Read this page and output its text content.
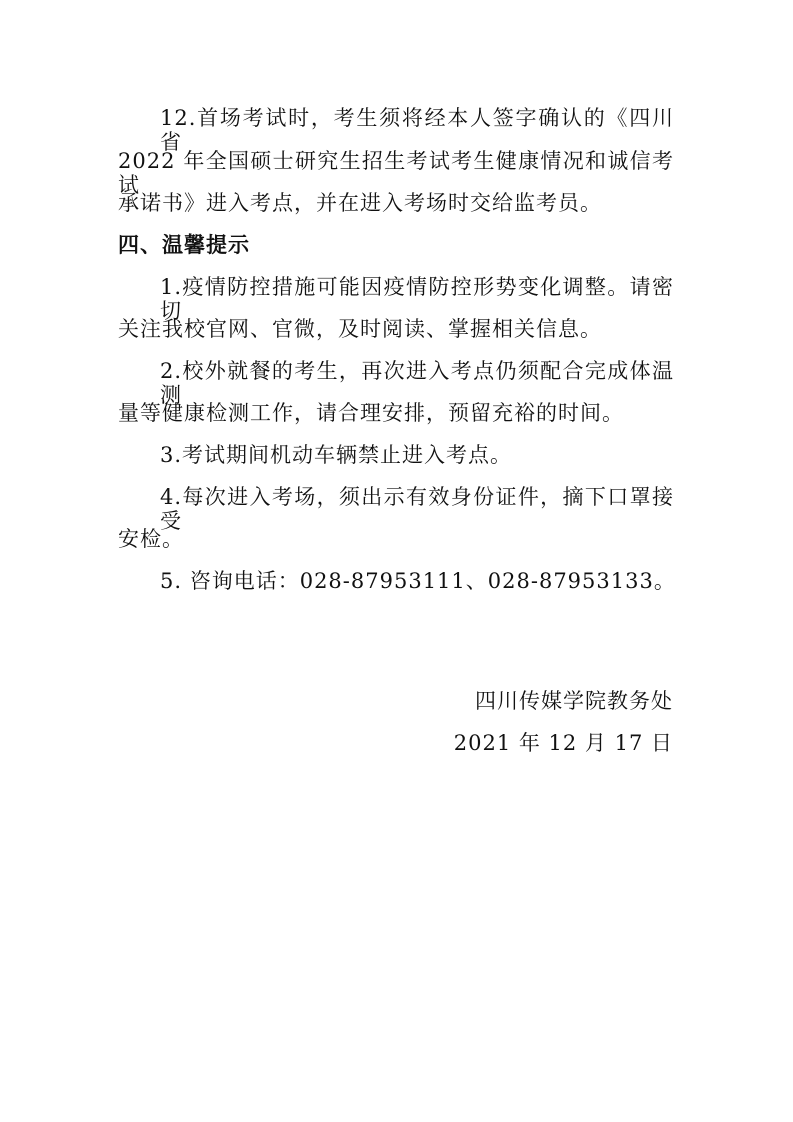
12.首场考试时，考生须将经本人签字确认的《四川省
2022 年全国硕士研究生招生考试考生健康情况和诚信考试
承诺书》进入考点，并在进入考场时交给监考员。
四、温馨提示
1.疫情防控措施可能因疫情防控形势变化调整。请密切
关注我校官网、官微，及时阅读、掌握相关信息。
2.校外就餐的考生，再次进入考点仍须配合完成体温测
量等健康检测工作，请合理安排，预留充裕的时间。
3.考试期间机动车辆禁止进入考点。
4.每次进入考场，须出示有效身份证件，摘下口罩接受
安检。
5. 咨询电话：028-87953111、028-87953133。
四川传媒学院教务处
2021 年 12 月 17 日
